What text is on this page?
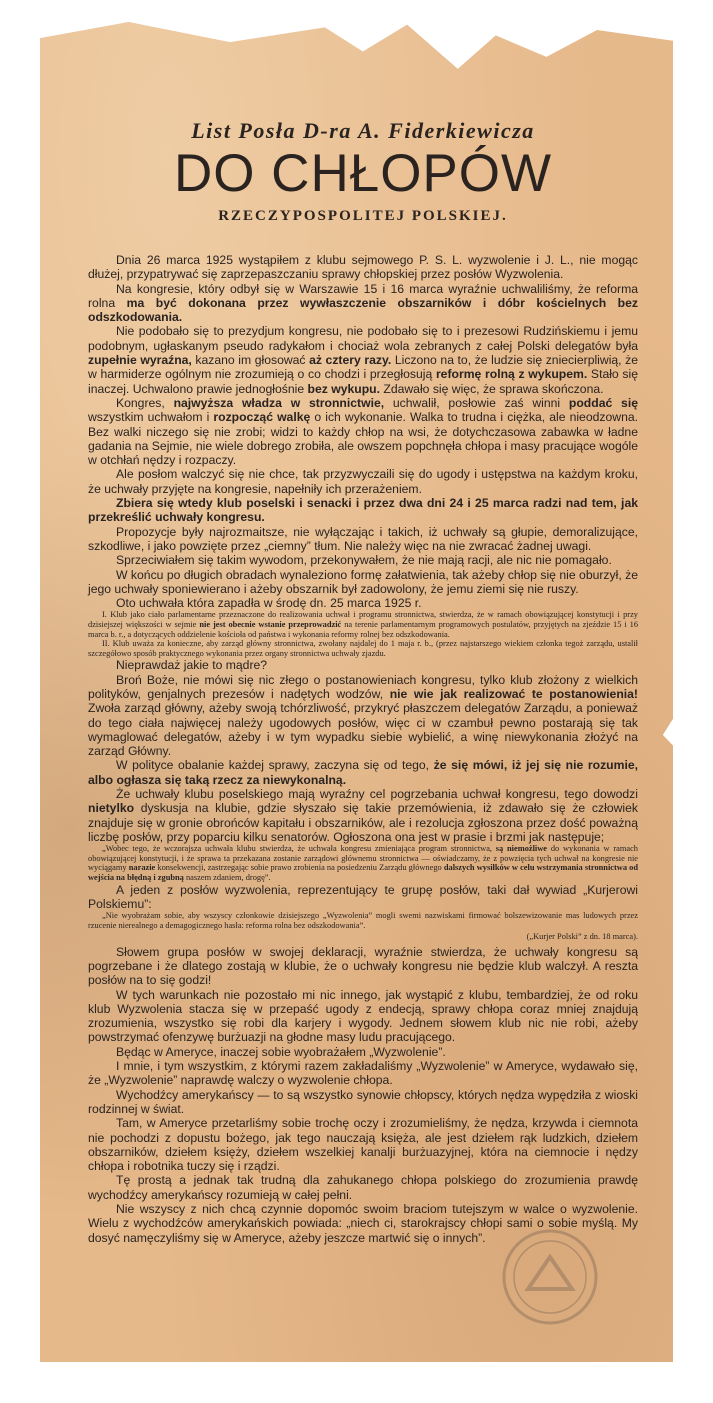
List Posła D-ra A. Fiderkiewicza
DO CHŁOPÓW
RZECZYPOSPOLITEJ POLSKIEJ.

Dnia 26 marca 1925 wystąpiłem z klubu sejmowego P. S. L. wyzwolenie i J. L., nie mogąc dłużej, przypatrywać się zaprzepaszczaniu sprawy chłopskiej przez posłów Wyzwolenia.

Na kongresie, który odbył się w Warszawie 15 i 16 marca wyraźnie uchwaliliśmy, że reforma rolna ma być dokonana przez wywłaszczenie obszarników i dóbr kościelnych bez odszkodowania.

Nie podobało się to prezydjum kongresu, nie podobało się to i prezesowi Rudzińskiemu i jemu podobnym, ugłaskanym pseudo radykałom i chociaż wola zebranych z całej Polski delegatów była zupełnie wyraźna, kazano im głosować aż cztery razy. Liczono na to, że ludzie się zniecierpliwią, że w harmiderze ogólnym nie zrozumieją o co chodzi i przegłosują reformę rolną z wykupem. Stało się inaczej. Uchwalono prawie jednogłośnie bez wykupu. Zdawało się więc, że sprawa skończona.

Kongres, najwyższa władza w stronnictwie, uchwalił, posłowie zaś winni poddać się wszystkim uchwałom i rozpocząć walkę o ich wykonanie. Walka to trudna i ciężka, ale nieodzowna. Bez walki niczego się nie zrobi; widzi to każdy chłop na wsi, że dotychczasowa zabawka w ładne gadania na Sejmie, nie wiele dobrego zrobiła, ale owszem popchnęła chłopa i masy pracujące wogóle w otchłań nędzy i rozpaczy.

Ale posłom walczyć się nie chce, tak przyzwyczaili się do ugody i ustępstwa na każdym kroku, że uchwały przyjęte na kongresie, napełniły ich przerażeniem.

Zbiera się wtedy klub poselski i senacki i przez dwa dni 24 i 25 marca radzi nad tem, jak przekreślić uchwały kongresu.

Propozycje były najrozmaitsze, nie wyłączając i takich, iż uchwały są głupie, demoralizujące, szkodliwe, i jako powzięte przez „ciemny” tłum. Nie należy więc na nie zwracać żadnej uwagi.

Sprzeciwiałem się takim wywodom, przekonywałem, że nie mają racji, ale nic nie pomagało.

W końcu po długich obradach wynaleziono formę załatwienia, tak ażeby chłop się nie oburzył, że jego uchwały sponiewierano i ażeby obszarnik był zadowolony, że jemu ziemi się nie ruszy.

Oto uchwała która zapadła w środę dn. 25 marca 1925 r.

I. Klub jako ciało parlamentarne przeznaczone do realizowania uchwał i programu stronnictwa, stwierdza, że w ramach obowiązującej konstytucji i przy dzisiejszej większości w sejmie nie jest obecnie wstanie przeprowadzić na terenie parlamentarnym programowych postulatów, przyjętych na zjeździe 15 i 16 marca b. r., a dotyczących oddzielenie kościoła od państwa i wykonania reformy rolnej bez odszkodowania.

II. Klub uważa za konieczne, aby zarząd główny stronnictwa, zwołany najdalej do 1 maja r. b., (przez najstarszego wiekiem członka tegoż zarządu, ustalił szczegółowo sposób praktycznego wykonania przez organy stronnictwa uchwały zjazdu.

Nieprawdaż jakie to mądre?

Broń Boże, nie mówi się nic złego o postanowieniach kongresu, tylko klub złożony z wielkich polityków, genjalnych prezesów i nadętych wodzów, nie wie jak realizować te postanowienia! Zwoła zarząd główny, ażeby swoją tchórzliwość, przykryć płaszczem delegatów Zarządu, a ponieważ do tego ciała najwięcej należy ugodowych posłów, więc ci w czambuł pewno postarają się tak wymaglować delegatów, ażeby i w tym wypadku siebie wybielić, a winę niewykonania złożyć na zarząd Główny.

W polityce obalanie każdej sprawy, zaczyna się od tego, że się mówi, iż jej się nie rozumie, albo ogłasza się taką rzecz za niewykonalną.

Że uchwały klubu poselskiego mają wyraźny cel pogrzebania uchwał kongresu, tego dowodzi nietylko dyskusja na klubie, gdzie słyszało się takie przemówienia, iż zdawało się że człowiek znajduje się w gronie obrońców kapitału i obszarników, ale i rezolucja zgłoszona przez dość poważną liczbę posłów, przy poparciu kilku senatorów. Ogłoszona ona jest w prasie i brzmi jak następuje;

„Wobec tego, że wczorajsza uchwała klubu stwierdza, że uchwała kongresu zmieniająca program stronnictwa, są niemożliwe do wykonania w ramach obowiązującej konstytucji, i że sprawa ta przekazana zostanie zarządowi głównemu stronnictwa — oświadczamy, że z powzięcia tych uchwał na kongresie nie wyciągamy narazie konsekwencji, zastrzegając sobie prawo zrobienia na posiedzeniu Zarządu głównego dalszych wysiłków w celu wstrzymania stronnictwa od wejścia na błędną i zgubną naszem zdaniem, drogę”.

A jeden z posłów wyzwolenia, reprezentujący te grupę posłów, taki dał wywiad „Kurjerowi Polskiemu”:

„Nie wyobrażam sobie, aby wszyscy członkowie dzisiejszego „Wyzwolenia” mogli swemi nazwiskami firmować bolszewizowanie mas ludowych przez rzucenie nierealnego a demagogicznego hasła: reforma rolna bez odszkodowania”.

(„Kurjer Polski” z dn. 18 marca).

Słowem grupa posłów w swojej deklaracji, wyraźnie stwierdza, że uchwały kongresu są pogrzebane i że dlatego zostają w klubie, że o uchwały kongresu nie będzie klub walczył. A reszta posłów na to się godzi!

W tych warunkach nie pozostało mi nic innego, jak wystąpić z klubu, tembardziej, że od roku klub Wyzwolenia stacza się w przepaść ugody z endecją, sprawy chłopa coraz mniej znajdują zrozumienia, wszystko się robi dla karjery i wygody. Jednem słowem klub nic nie robi, ażeby powstrzymać ofenzywę burżuazji na głodne masy ludu pracującego.

Będąc w Ameryce, inaczej sobie wyobrażałem „Wyzwolenie”.

I mnie, i tym wszystkim, z którymi razem zakładaliśmy „Wyzwolenie” w Ameryce, wydawało się, że „Wyzwolenie” naprawdę walczy o wyzwolenie chłopa.

Wychodźcy amerykańscy — to są wszystko synowie chłopscy, których nędza wypędziła z wioski rodzinnej w świat.

Tam, w Ameryce przetarliśmy sobie trochę oczy i zrozumieliśmy, że nędza, krzywda i ciemnota nie pochodzi z dopustu bożego, jak tego nauczają księża, ale jest dziełem rąk ludzkich, dziełem obszarników, dziełem księży, dziełem wszelkiej kanalji burżuazyjnej, która na ciemnocie i nędzy chłopa i robotnika tuczy się i rządzi.

Tę prostą a jednak tak trudną dla zahukanego chłopa polskiego do zrozumienia prawdę wychodźcy amerykańscy rozumieją w całej pełni.

Nie wszyscy z nich chcą czynnie dopomóc swoim braciom tutejszym w walce o wyzwolenie. Wielu z wychodźców amerykańskich powiada: „niech ci, starokrajscy chłopi sami o sobie myślą. My dosyć namęczyliśmy się w Ameryce, ażeby jeszcze martwić się o innych”.
